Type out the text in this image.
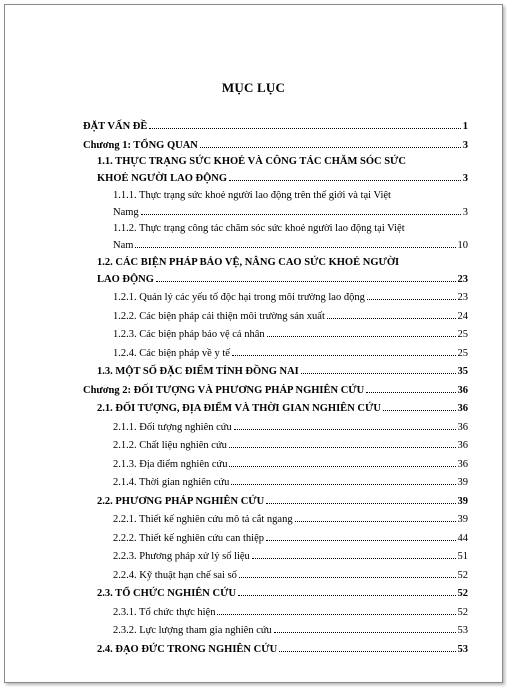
MỤC LỤC
ĐẶT VẤN ĐỀ	1
Chương 1: TỔNG QUAN	3
1.1. THỰC TRẠNG SỨC KHOẺ VÀ CÔNG TÁC CHĂM SÓC SỨC
KHOẺ NGƯỜI LAO ĐỘNG	3
1.1.1. Thực trạng sức khoẻ người lao động trên thế giới và tại Việt
Namg	3
1.1.2. Thực trạng công tác chăm sóc sức khoẻ người lao động tại Việt
Nam	10
1.2. CÁC BIỆN PHÁP BẢO VỆ, NÂNG CAO SỨC KHOẺ NGƯỜI
LAO ĐỘNG	23
1.2.1. Quản lý các yếu tố độc hại trong môi trường lao động	23
1.2.2. Các biện pháp cải thiện môi trường sản xuất	24
1.2.3. Các biện pháp bảo vệ cá nhân	25
1.2.4. Các biện pháp về y tế	25
1.3. MỘT SỐ ĐẶC ĐIỂM TỈNH ĐỒNG NAI	35
Chương 2: ĐỐI TƯỢNG VÀ PHƯƠNG PHÁP NGHIÊN CỨU	36
2.1. ĐỐI TƯỢNG, ĐỊA ĐIỂM VÀ THỜI GIAN NGHIÊN CỨU	36
2.1.1. Đối tượng nghiên cứu	36
2.1.2. Chất liệu nghiên cứu	36
2.1.3. Địa điểm nghiên cứu	36
2.1.4. Thời gian nghiên cứu	39
2.2. PHƯƠNG PHÁP NGHIÊN CỨU	39
2.2.1. Thiết kế nghiên cứu mô tả cắt ngang	39
2.2.2. Thiết kế nghiên cứu can thiệp	44
2.2.3. Phương pháp xử lý số liệu	51
2.2.4. Kỹ thuật hạn chế sai số	52
2.3. TỔ CHỨC NGHIÊN CỨU	52
2.3.1. Tổ chức thực hiện	52
2.3.2. Lực lượng tham gia nghiên cứu	53
2.4. ĐẠO ĐỨC TRONG NGHIÊN CỨU	53
